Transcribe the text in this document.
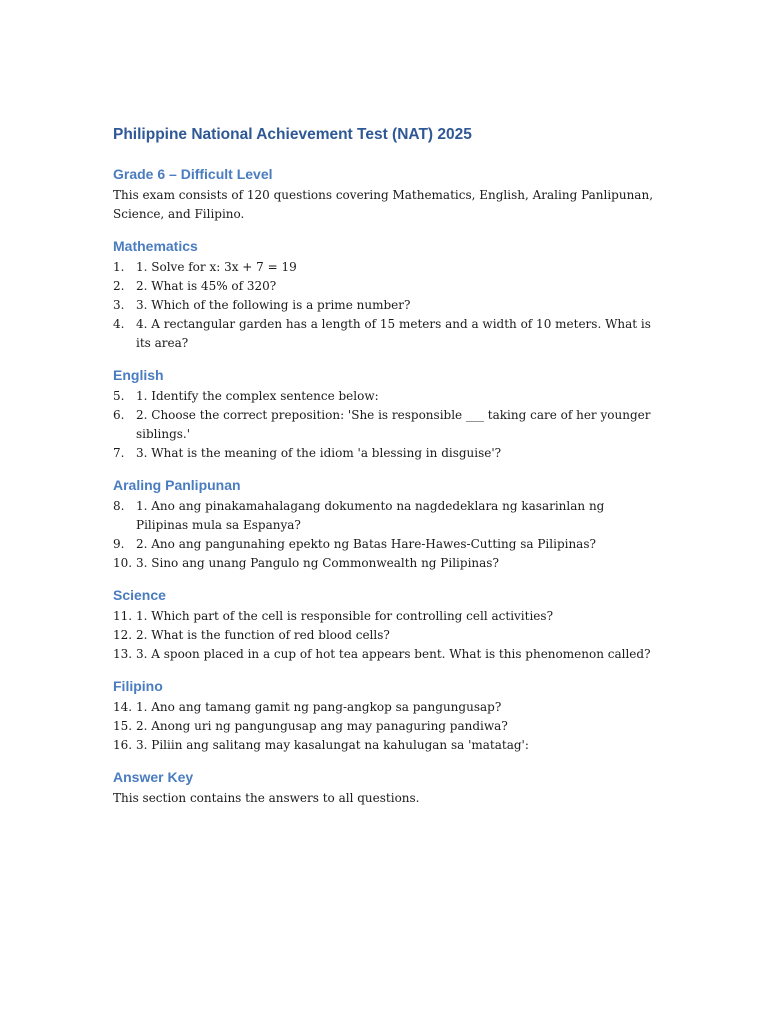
Philippine National Achievement Test (NAT) 2025
Grade 6 – Difficult Level

This exam consists of 120 questions covering Mathematics, English, Araling Panlipunan, Science, and Filipino.

Mathematics
1. 1. Solve for x: 3x + 7 = 19
2. 2. What is 45% of 320?
3. 3. Which of the following is a prime number?
4. 4. A rectangular garden has a length of 15 meters and a width of 10 meters. What is its area?
English
5. 1. Identify the complex sentence below:
6. 2. Choose the correct preposition: 'She is responsible ___ taking care of her younger siblings.'
7. 3. What is the meaning of the idiom 'a blessing in disguise'?
Araling Panlipunan
8. 1. Ano ang pinakamahalagang dokumento na nagdedeklara ng kasarinlan ng Pilipinas mula sa Espanya?
9. 2. Ano ang pangunahing epekto ng Batas Hare-Hawes-Cutting sa Pilipinas?
10. 3. Sino ang unang Pangulo ng Commonwealth ng Pilipinas?
Science
11. 1. Which part of the cell is responsible for controlling cell activities?
12. 2. What is the function of red blood cells?
13. 3. A spoon placed in a cup of hot tea appears bent. What is this phenomenon called?
Filipino
14. 1. Ano ang tamang gamit ng pang-angkop sa pangungusap?
15. 2. Anong uri ng pangungusap ang may panaguring pandiwa?
16. 3. Piliin ang salitang may kasalungat na kahulugan sa 'matatag':
Answer Key

This section contains the answers to all questions.
